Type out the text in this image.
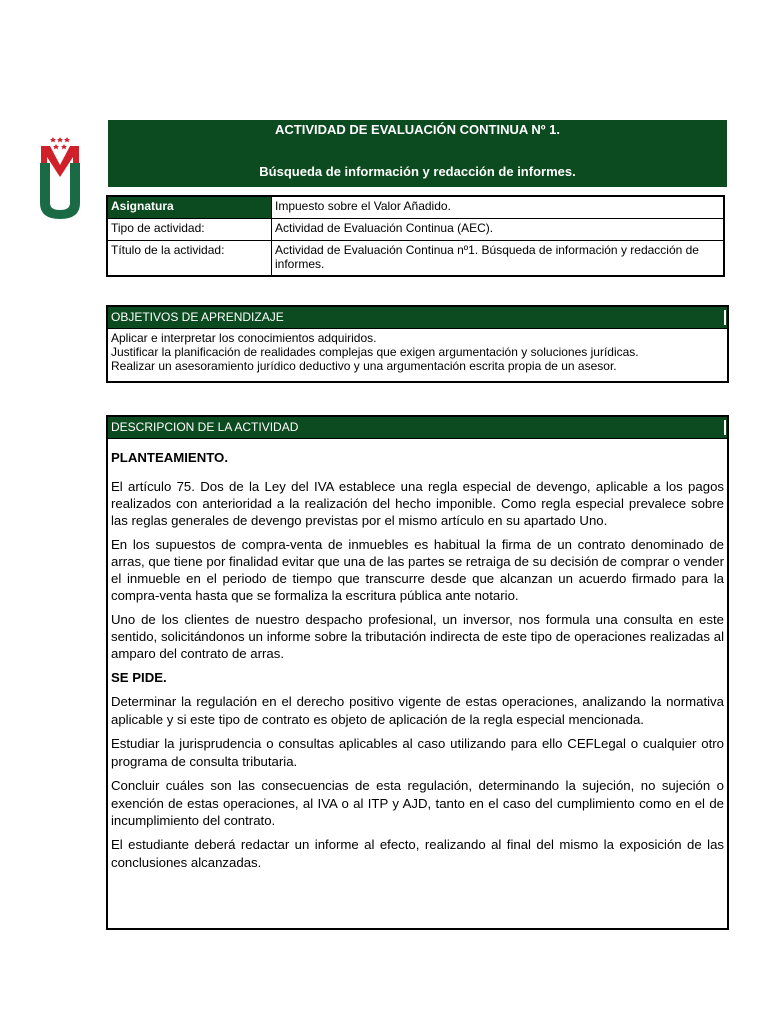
ACTIVIDAD DE EVALUACIÓN CONTINUA Nº 1.
Búsqueda de información y redacción de informes.
Asignatura	Impuesto sobre el Valor Añadido.
Tipo de actividad:	Actividad de Evaluación Continua (AEC).
Título de la actividad:	Actividad de Evaluación Continua nº1. Búsqueda de información y redacción de informes.
OBJETIVOS DE APRENDIZAJE
Aplicar e interpretar los conocimientos adquiridos.
Justificar la planificación de realidades complejas que exigen argumentación y soluciones jurídicas.
Realizar un asesoramiento jurídico deductivo y una argumentación escrita propia de un asesor.
DESCRIPCION DE LA ACTIVIDAD

PLANTEAMIENTO.

El artículo 75. Dos de la Ley del IVA establece una regla especial de devengo, aplicable a los pagos realizados con anterioridad a la realización del hecho imponible. Como regla especial prevalece sobre las reglas generales de devengo previstas por el mismo artículo en su apartado Uno.

En los supuestos de compra-venta de inmuebles es habitual la firma de un contrato denominado de arras, que tiene por finalidad evitar que una de las partes se retraiga de su decisión de comprar o vender el inmueble en el periodo de tiempo que transcurre desde que alcanzan un acuerdo firmado para la compra-venta hasta que se formaliza la escritura pública ante notario.

Uno de los clientes de nuestro despacho profesional, un inversor, nos formula una consulta en este sentido, solicitándonos un informe sobre la tributación indirecta de este tipo de operaciones realizadas al amparo del contrato de arras.

SE PIDE.

Determinar la regulación en el derecho positivo vigente de estas operaciones, analizando la normativa aplicable y si este tipo de contrato es objeto de aplicación de la regla especial mencionada.

Estudiar la jurisprudencia o consultas aplicables al caso utilizando para ello CEFLegal o cualquier otro programa de consulta tributaria.

Concluir cuáles son las consecuencias de esta regulación, determinando la sujeción, no sujeción o exención de estas operaciones, al IVA o al ITP y AJD, tanto en el caso del cumplimiento como en el de incumplimiento del contrato.

El estudiante deberá redactar un informe al efecto, realizando al final del mismo la exposición de las conclusiones alcanzadas.
